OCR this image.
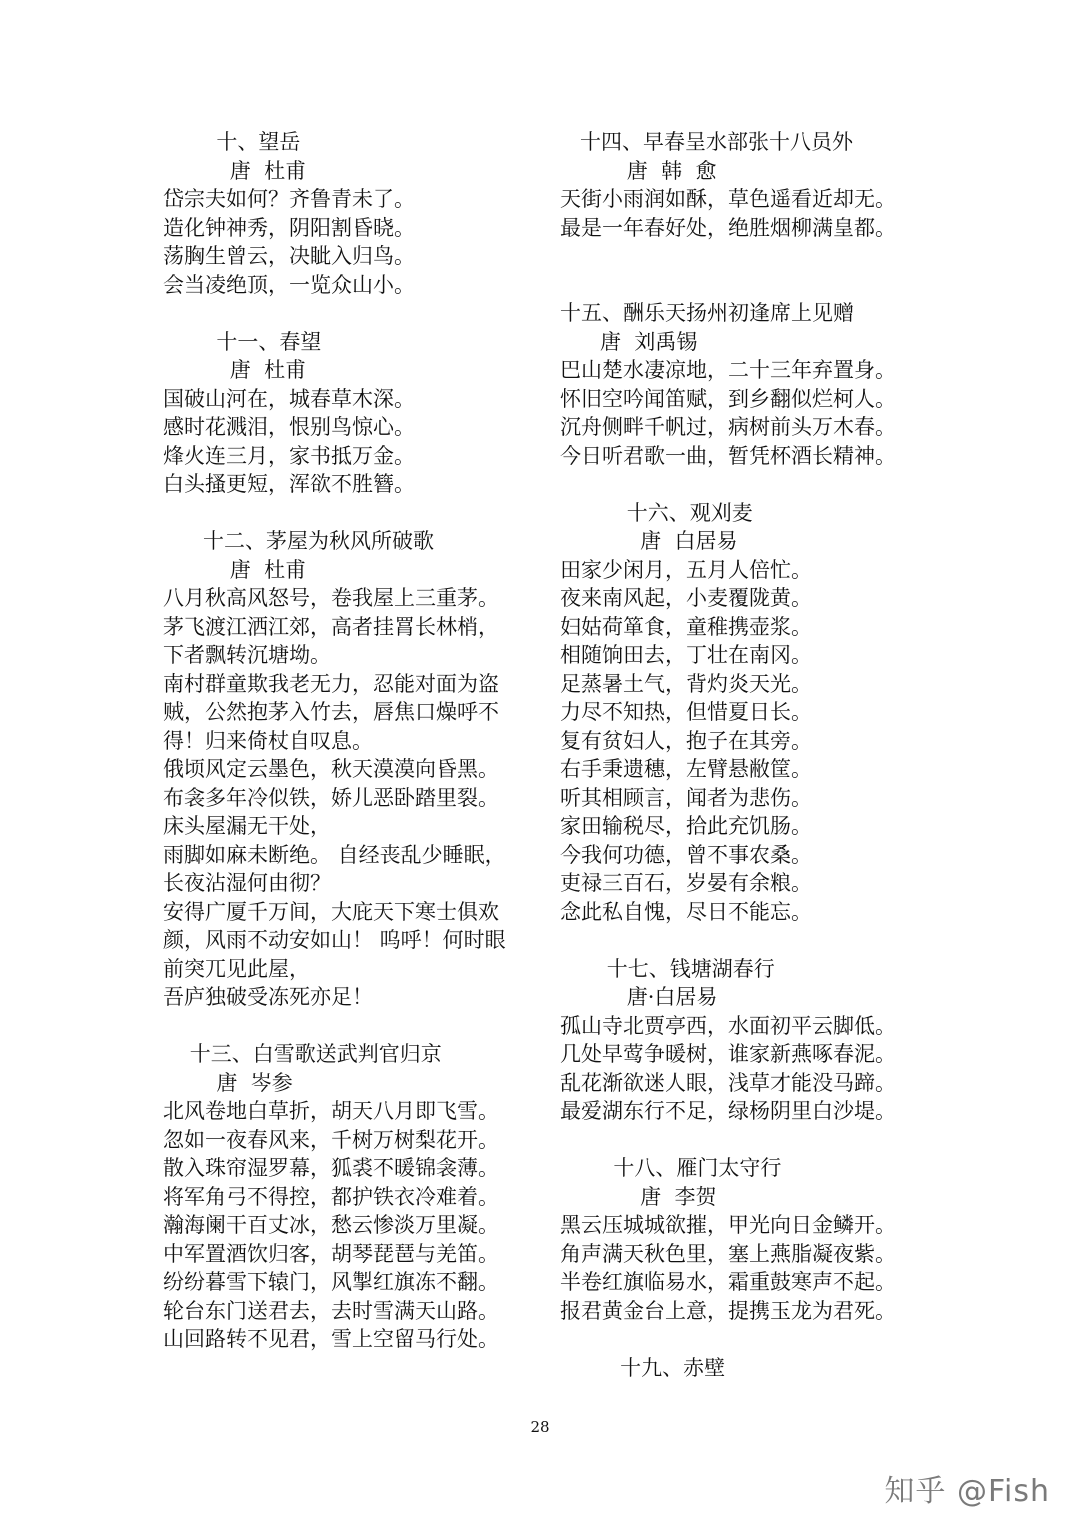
十、望岳
唐  杜甫
岱宗夫如何？齐鲁青未了。
造化钟神秀，阴阳割昏晓。
荡胸生曾云，决眦入归鸟。
会当凌绝顶，一览众山小。
十一、春望
唐  杜甫
国破山河在，城春草木深。
感时花溅泪，恨别鸟惊心。
烽火连三月，家书抵万金。
白头搔更短，浑欲不胜簪。
十二、茅屋为秋风所破歌
唐  杜甫
八月秋高风怒号，卷我屋上三重茅。
茅飞渡江洒江郊，高者挂罥长林梢，
下者飘转沉塘坳。
南村群童欺我老无力，忍能对面为盗
贼，公然抱茅入竹去，唇焦口燥呼不
得！归来倚杖自叹息。
俄顷风定云墨色，秋天漠漠向昏黑。
布衾多年冷似铁，娇儿恶卧踏里裂。
床头屋漏无干处，
雨脚如麻未断绝。 自经丧乱少睡眠，
长夜沾湿何由彻？
安得广厦千万间，大庇天下寒士俱欢
颜，风雨不动安如山！ 呜呼！何时眼
前突兀见此屋，
吾庐独破受冻死亦足！
十三、白雪歌送武判官归京
唐  岑参
北风卷地白草折，胡天八月即飞雪。
忽如一夜春风来，千树万树梨花开。
散入珠帘湿罗幕，狐裘不暖锦衾薄。
将军角弓不得控，都护铁衣冷难着。
瀚海阑干百丈冰，愁云惨淡万里凝。
中军置酒饮归客，胡琴琵琶与羌笛。
纷纷暮雪下辕门，风掣红旗冻不翻。
轮台东门送君去，去时雪满天山路。
山回路转不见君，雪上空留马行处。
十四、早春呈水部张十八员外
唐  韩  愈
天街小雨润如酥，草色遥看近却无。
最是一年春好处，绝胜烟柳满皇都。
十五、酬乐天扬州初逢席上见赠
唐  刘禹锡
巴山楚水凄凉地，二十三年弃置身。
怀旧空吟闻笛赋，到乡翻似烂柯人。
沉舟侧畔千帆过，病树前头万木春。
今日听君歌一曲，暂凭杯酒长精神。
十六、观刈麦
唐  白居易
田家少闲月，五月人倍忙。
夜来南风起，小麦覆陇黄。
妇姑荷箪食，童稚携壶浆。
相随饷田去，丁壮在南冈。
足蒸暑土气，背灼炎天光。
力尽不知热，但惜夏日长。
复有贫妇人，抱子在其旁。
右手秉遗穗，左臂悬敝筐。
听其相顾言，闻者为悲伤。
家田输税尽，拾此充饥肠。
今我何功德，曾不事农桑。
吏禄三百石，岁晏有余粮。
念此私自愧，尽日不能忘。
十七、钱塘湖春行
唐·白居易
孤山寺北贾亭西，水面初平云脚低。
几处早莺争暖树，谁家新燕啄春泥。
乱花渐欲迷人眼，浅草才能没马蹄。
最爱湖东行不足，绿杨阴里白沙堤。
十八、雁门太守行
唐  李贺
黑云压城城欲摧，甲光向日金鳞开。
角声满天秋色里，塞上燕脂凝夜紫。
半卷红旗临易水，霜重鼓寒声不起。
报君黄金台上意，提携玉龙为君死。
十九、赤壁
28
知乎 @Fish
